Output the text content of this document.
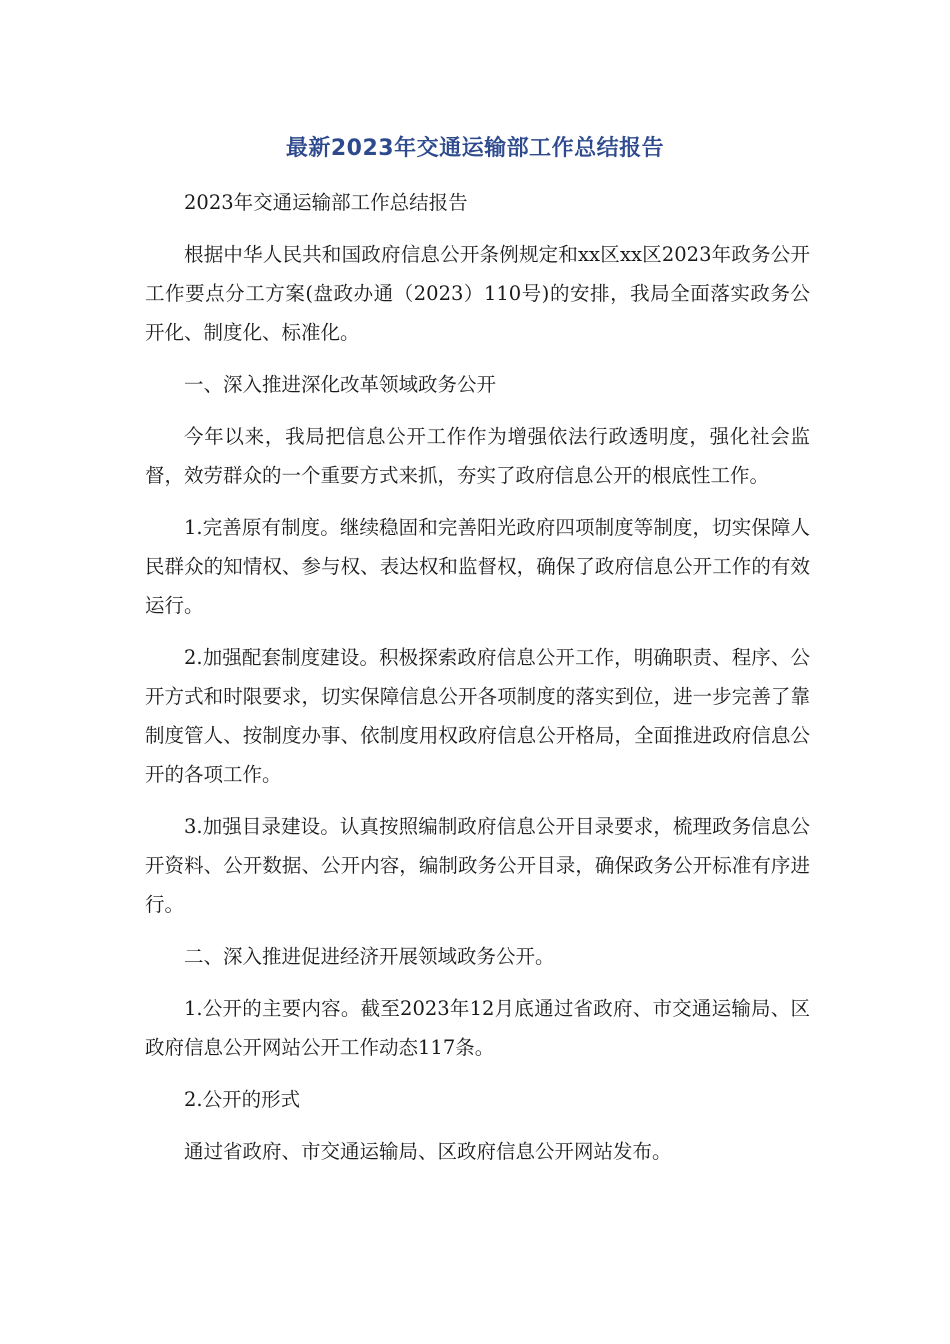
最新2023年交通运输部工作总结报告

2023年交通运输部工作总结报告

根据中华人民共和国政府信息公开条例规定和xx区xx区2023年政务公开工作要点分工方案(盘政办通（2023）110号)的安排，我局全面落实政务公开化、制度化、标准化。

一、深入推进深化改革领域政务公开

今年以来，我局把信息公开工作作为增强依法行政透明度，强化社会监督，效劳群众的一个重要方式来抓，夯实了政府信息公开的根底性工作。

1.完善原有制度。继续稳固和完善阳光政府四项制度等制度，切实保障人民群众的知情权、参与权、表达权和监督权，确保了政府信息公开工作的有效运行。

2.加强配套制度建设。积极探索政府信息公开工作，明确职责、程序、公开方式和时限要求，切实保障信息公开各项制度的落实到位，进一步完善了靠制度管人、按制度办事、依制度用权政府信息公开格局，全面推进政府信息公开的各项工作。

3.加强目录建设。认真按照编制政府信息公开目录要求，梳理政务信息公开资料、公开数据、公开内容，编制政务公开目录，确保政务公开标准有序进行。

二、深入推进促进经济开展领域政务公开。

1.公开的主要内容。截至2023年12月底通过省政府、市交通运输局、区政府信息公开网站公开工作动态117条。

2.公开的形式

通过省政府、市交通运输局、区政府信息公开网站发布。
